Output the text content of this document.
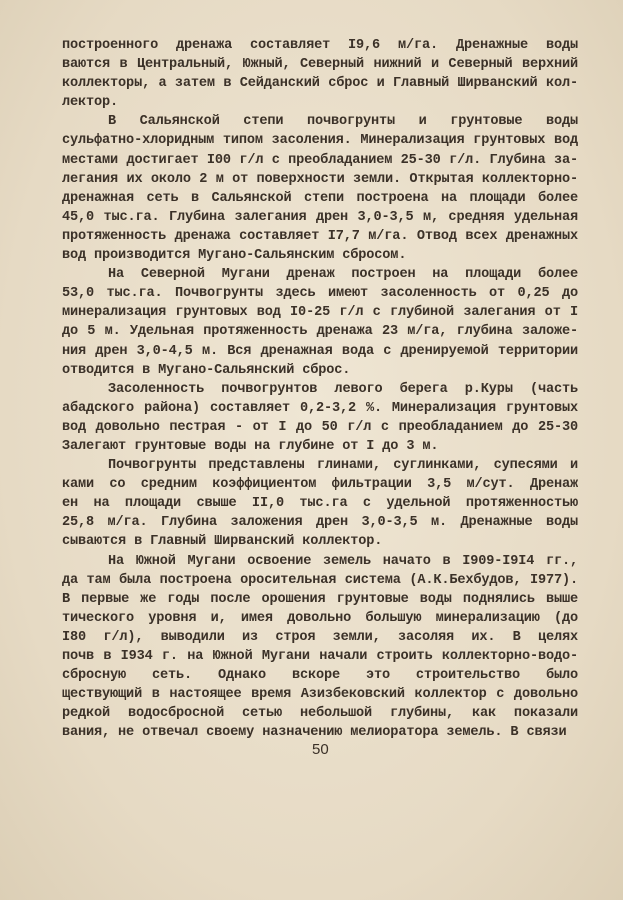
построенного дренажа составляет I9,6 м/га. Дренажные воды
ваются в Центральный, Южный, Северный нижний и Северный верхний
коллекторы, а затем в Сейданский сброс и Главный Ширванский кол-
лектор.
В Сальянской степи почвогрунты и грунтовые воды
сульфатно-хлоридным типом засоления. Минерализация грунтовых вод
местами достигает I00 г/л с преобладанием 25-30 г/л. Глубина за-
легания их около 2 м от поверхности земли. Открытая коллекторно-
дренажная сеть в Сальянской степи построена на площади более
45,0 тыс.га. Глубина залегания дрен 3,0-3,5 м, средняя удельная
протяженность дренажа составляет I7,7 м/га. Отвод всех дренажных
вод производится Мугано-Сальянским сбросом.
На Северной Мугани дренаж построен на площади более
53,0 тыс.га. Почвогрунты здесь имеют засоленность от 0,25 до
минерализация грунтовых вод I0-25 г/л с глубиной залегания от I
до 5 м. Удельная протяженность дренажа 23 м/га, глубина заложе-
ния дрен 3,0-4,5 м. Вся дренажная вода с дренируемой территории
отводится в Мугано-Сальянский сброс.
Засоленность почвогрунтов левого берега р.Куры (часть
абадского района) составляет 0,2-3,2 %. Минерализация грунтовых
вод довольно пестрая - от I до 50 г/л с преобладанием до 25-30
Залегают грунтовые воды на глубине от I до 3 м.
Почвогрунты представлены глинами, суглинками, супесями и
ками со средним коэффициентом фильтрации 3,5 м/сут. Дренаж
ен на площади свыше II,0 тыс.га с удельной протяженностью
25,8 м/га. Глубина заложения дрен 3,0-3,5 м. Дренажные воды
сываются в Главный Ширванский коллектор.
На Южной Мугани освоение земель начато в I909-I9I4 гг.,
да там была построена оросительная система (А.К.Бехбудов, I977).
В первые же годы после орошения грунтовые воды поднялись выше
тического уровня и, имея довольно большую минерализацию (до
I80 г/л), выводили из строя земли, засоляя их. В целях
почв в I934 г. на Южной Мугани начали строить коллекторно-водо-
сбросную сеть. Однако вскоре это строительство было
ществующий в настоящее время Азизбековский коллектор с довольно
редкой водосбросной сетью небольшой глубины, как показали
вания, не отвечал своему назначению мелиоратора земель. В связи
50
